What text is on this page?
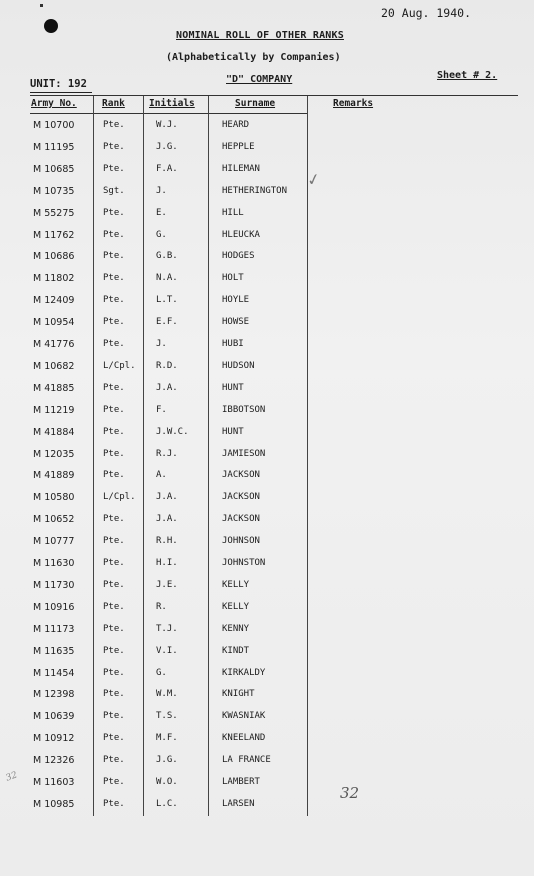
20 Aug. 1940.
NOMINAL ROLL OF OTHER RANKS
(Alphabetically by Companies)
UNIT: 192	"D" COMPANY	Sheet # 2.
Army No.	Rank	Initials	Surname	Remarks
M 10700	Pte.	W.J.	HEARD
M 11195	Pte.	J.G.	HEPPLE
M 10685	Pte.	F.A.	HILEMAN
M 10735	Sgt.	J.	HETHERINGTON
M 55275	Pte.	E.	HILL
M 11762	Pte.	G.	HLEUCKA
M 10686	Pte.	G.B.	HODGES
M 11802	Pte.	N.A.	HOLT
M 12409	Pte.	L.T.	HOYLE
M 10954	Pte.	E.F.	HOWSE
M 41776	Pte.	J.	HUBI
M 10682	L/Cpl. R.D.	HUDSON
M 41885	Pte.	J.A.	HUNT
M 11219	Pte.	F.	IBBOTSON
M 41884	Pte.	J.W.C.	HUNT
M 12035	Pte.	R.J.	JAMIESON
M 41889	Pte.	A.	JACKSON
M 10580	L/Cpl. J.A.	JACKSON
M 10652	Pte.	J.A.	JACKSON
M 10777	Pte.	R.H.	JOHNSON
M 11630	Pte.	H.I.	JOHNSTON
M 11730	Pte.	J.E.	KELLY
M 10916	Pte.	R.	KELLY
M 11173	Pte.	T.J.	KENNY
M 11635	Pte.	V.I.	KINDT
M 11454	Pte.	G.	KIRKALDY
M 12398	Pte.	W.M.	KNIGHT
M 10639	Pte.	T.S.	KWASNIAK
M 10912	Pte.	M.F.	KNEELAND
M 12326	Pte.	J.G.	LA FRANCE
M 11603	Pte.	W.O.	LAMBERT
M 10985	Pte.	L.C.	LARSEN
✓
32
32
